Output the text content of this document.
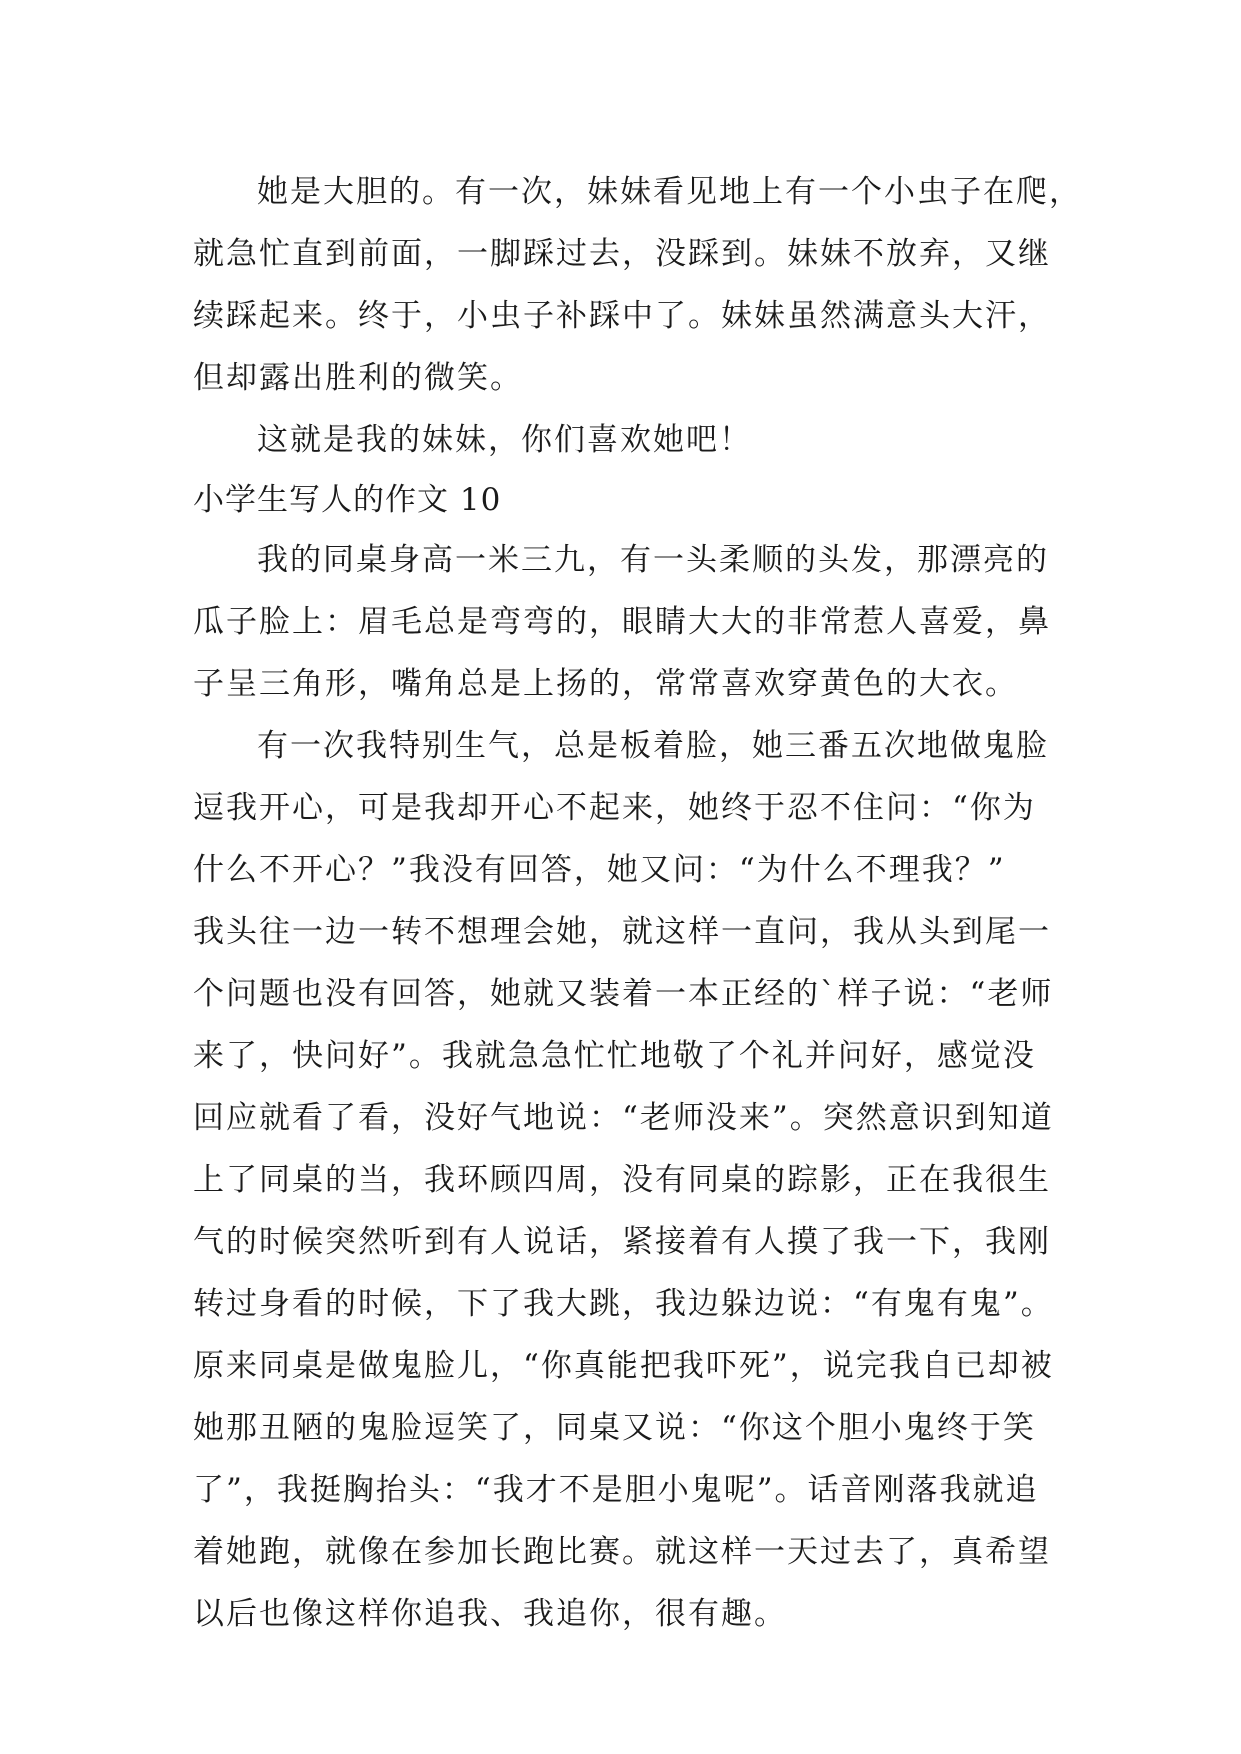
她是大胆的。有一次，妹妹看见地上有一个小虫子在爬，
就急忙直到前面，一脚踩过去，没踩到。妹妹不放弃，又继
续踩起来。终于，小虫子补踩中了。妹妹虽然满意头大汗，
但却露出胜利的微笑。
这就是我的妹妹，你们喜欢她吧！
小学生写人的作文 10
我的同桌身高一米三九，有一头柔顺的头发，那漂亮的
瓜子脸上：眉毛总是弯弯的，眼睛大大的非常惹人喜爱，鼻
子呈三角形，嘴角总是上扬的，常常喜欢穿黄色的大衣。
有一次我特别生气，总是板着脸，她三番五次地做鬼脸
逗我开心，可是我却开心不起来，她终于忍不住问：“你为
什么不开心？”我没有回答，她又问：“为什么不理我？”
我头往一边一转不想理会她，就这样一直问，我从头到尾一
个问题也没有回答，她就又装着一本正经的`样子说：“老师
来了，快问好”。我就急急忙忙地敬了个礼并问好，感觉没
回应就看了看，没好气地说：“老师没来”。突然意识到知道
上了同桌的当，我环顾四周，没有同桌的踪影，正在我很生
气的时候突然听到有人说话，紧接着有人摸了我一下，我刚
转过身看的时候，下了我大跳，我边躲边说：“有鬼有鬼”。
原来同桌是做鬼脸儿，“你真能把我吓死”，说完我自已却被
她那丑陋的鬼脸逗笑了，同桌又说：“你这个胆小鬼终于笑
了”，我挺胸抬头：“我才不是胆小鬼呢”。话音刚落我就追
着她跑，就像在参加长跑比赛。就这样一天过去了，真希望
以后也像这样你追我、我追你，很有趣。
